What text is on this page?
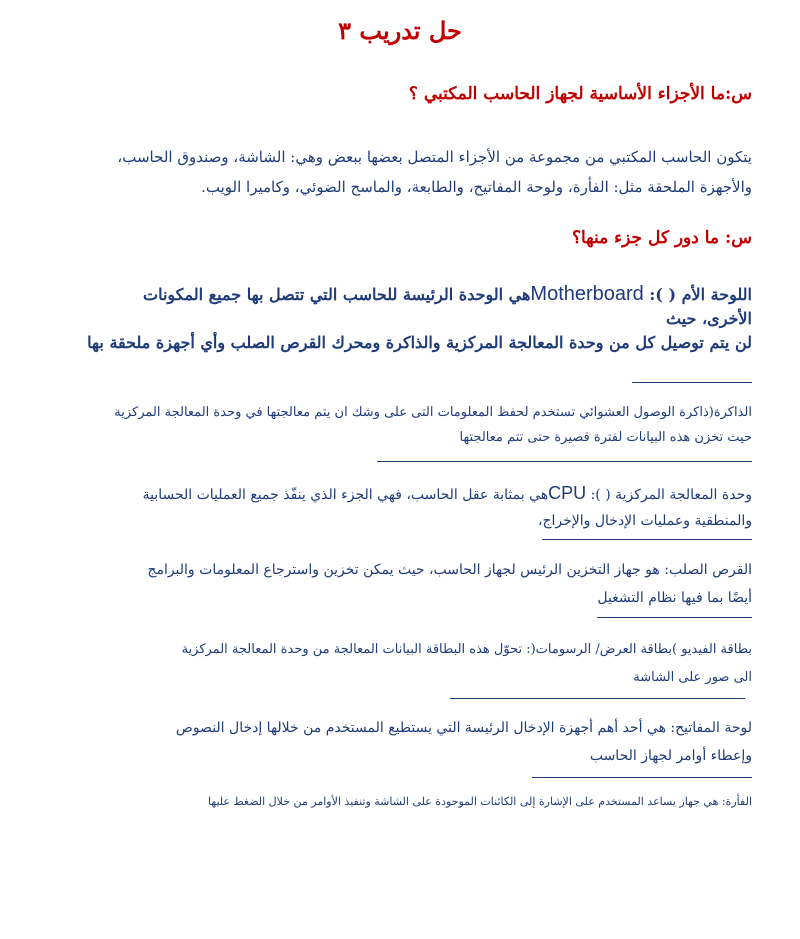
حل تدريب ٣
س:ما الأجزاء الأساسية لجهاز الحاسب المكتبي ؟
يتكون الحاسب المكتبي من مجموعة من الأجزاء المتصل بعضها ببعض وهي: الشاشة، وصندوق الحاسب،
والأجهزة الملحقة مثل: الفأرة، ولوحة المفاتيح، والطابعة، والماسح الضوئي، وكاميرا الويب.
س: ما دور كل جزء منها؟

اللوحة الأم ( ): Motherboardهي الوحدة الرئيسة للحاسب التي تتصل بها جميع المكونات

الأخرى، حيث

لن يتم توصيل كل من وحدة المعالجة المركزية والذاكرة ومحرك القرص الصلب وأي أجهزة ملحقة بها

الذاكرة(ذاكرة الوصول العشوائي تستخدم لحفظ المعلومات التى على وشك ان يتم معالجتها في وحدة المعالجة المركزية

حيث تخزن هذه البيانات لفترة قصيرة حتى تتم معالجتها

وحدة المعالجة المركزية ( ): CPUهي بمثابة عقل الحاسب، فهي الجزء الذي ينفّذ جميع العمليات الحسابية

والمنطقية وعمليات الإدخال والإخراج،

القرص الصلب: هو جهاز التخزين الرئيس لجهاز الحاسب، حيث يمكن تخزين واسترجاع المعلومات والبرامج

أيضًا بما فيها نظام التشغيل

بطاقة الفيديو )بطاقة العرض/ الرسومات(: تحوّل هذه البطاقة البيانات المعالجة من وحدة المعالجة المركزية

الى صور على الشاشة

لوحة المفاتيح: هي أحد أهم أجهزة الإدخال الرئيسة التي يستطيع المستخدم من خلالها إدخال النصوص

وإعطاء أوامر لجهاز الحاسب

الفأرة: هي جهاز يساعد المستخدم على الإشارة إلى الكائنات الموجودة على الشاشة وتنفيذ الأوامر من خلال الضغط عليها
